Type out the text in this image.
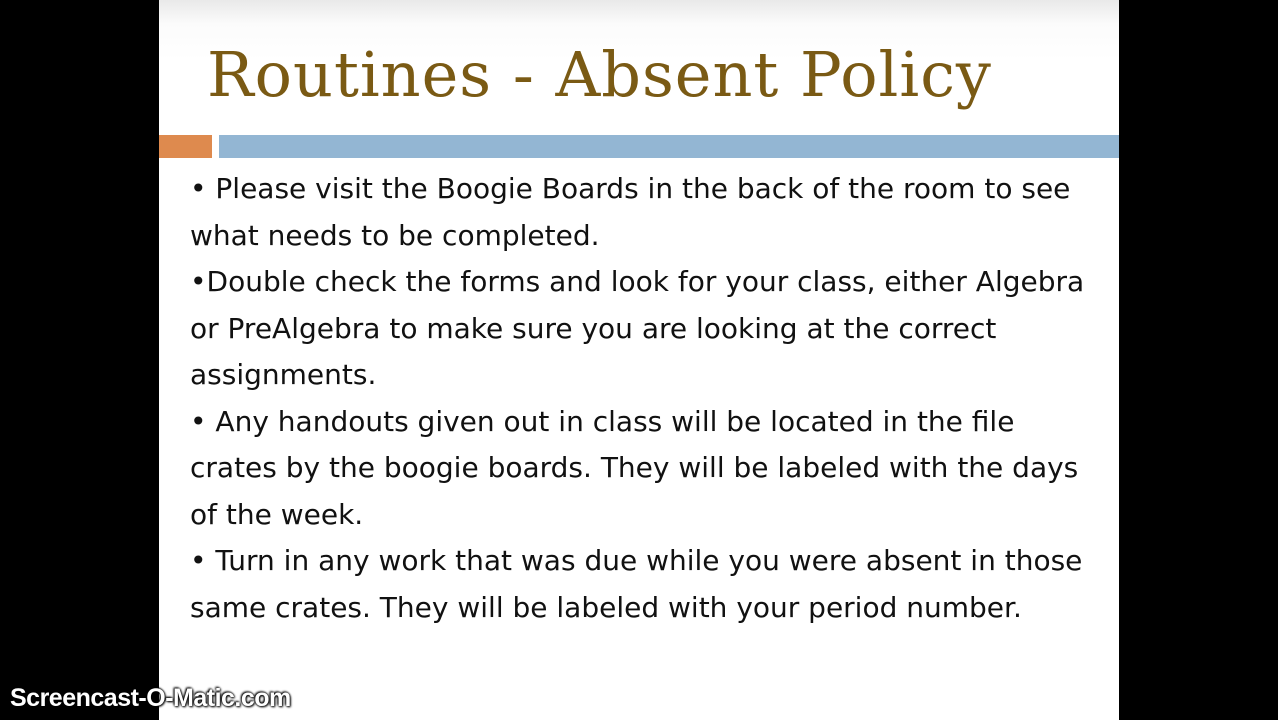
Routines - Absent Policy
• Please visit the Boogie Boards in the back of the room to see what needs to be completed.
•Double check the forms and look for your class, either Algebra or PreAlgebra to make sure you are looking at the correct assignments.
• Any handouts given out in class will be located in the file crates by the boogie boards. They will be labeled with the days of the week.
• Turn in any work that was due while you were absent in those same crates. They will be labeled with your period number.
Screencast-O-Matic.com
